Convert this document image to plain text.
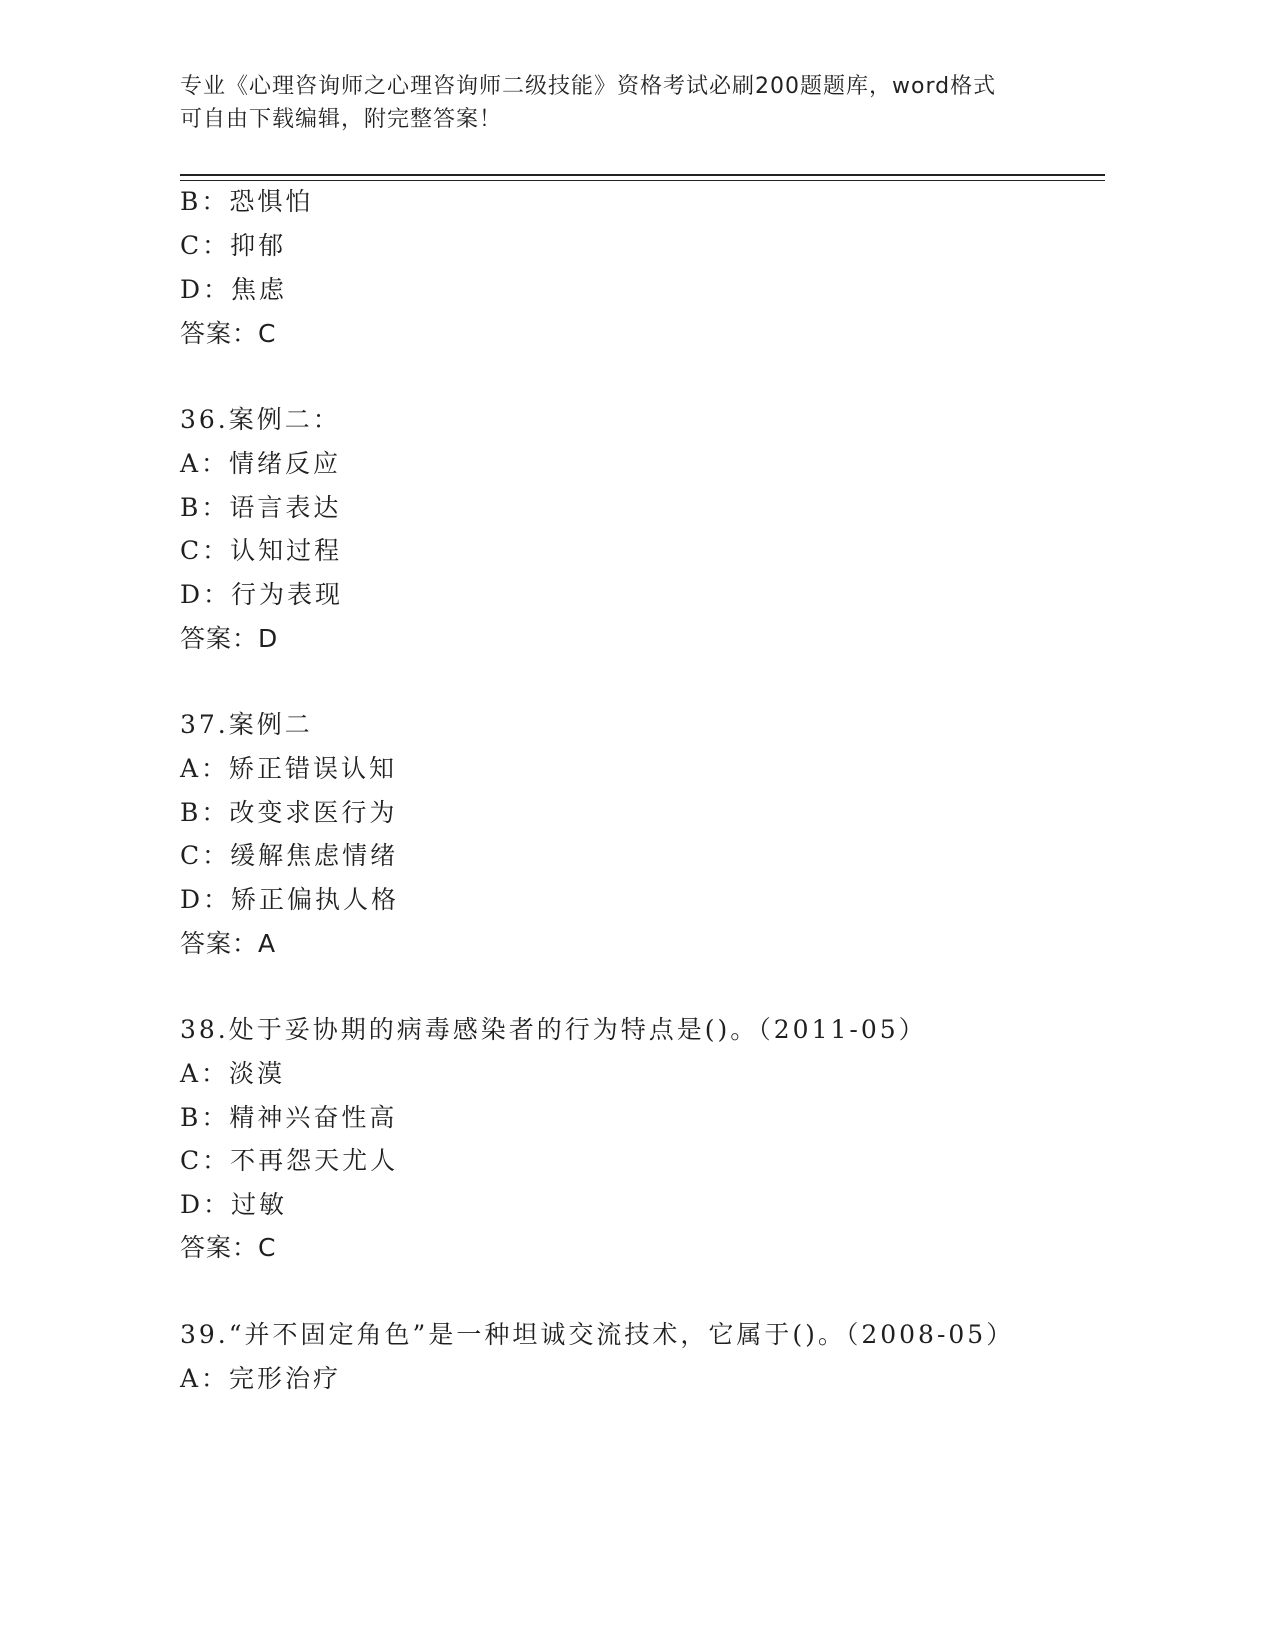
专业《心理咨询师之心理咨询师二级技能》资格考试必刷200题题库，word格式
可自由下载编辑，附完整答案！
B：恐惧怕
C：抑郁
D：焦虑
答案：C
36.案例二：
A：情绪反应
B：语言表达
C：认知过程
D：行为表现
答案：D
37.案例二
A：矫正错误认知
B：改变求医行为
C：缓解焦虑情绪
D：矫正偏执人格
答案：A
38.处于妥协期的病毒感染者的行为特点是()。（2011-05）
A：淡漠
B：精神兴奋性高
C：不再怨天尤人
D：过敏
答案：C
39.“并不固定角色”是一种坦诚交流技术，它属于()。（2008-05）
A：完形治疗
